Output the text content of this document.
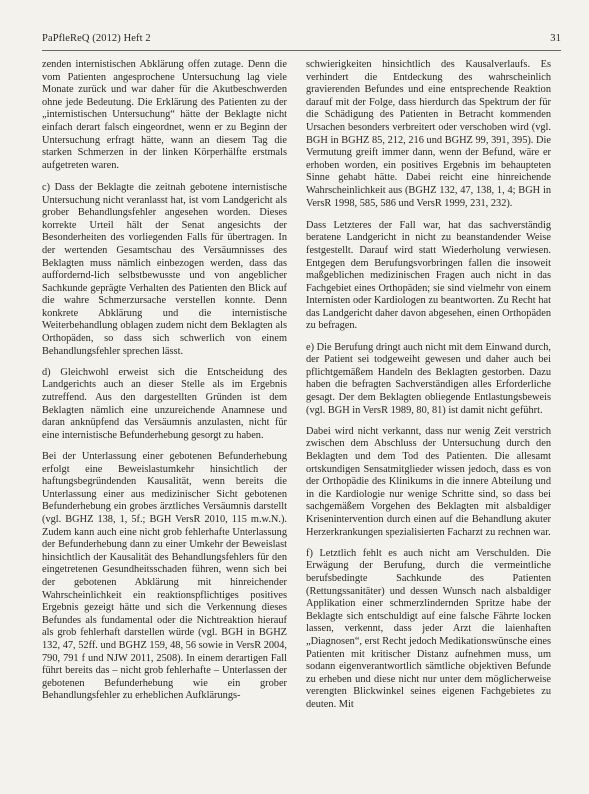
PaPfleReQ (2012) Heft 2	31

zenden internistischen Abklärung offen zutage. Denn die vom Patienten angesprochene Untersuchung lag viele Monate zurück und war daher für die Akutbeschwerden ohne jede Bedeutung. Die Erklärung des Patienten zu der „internistischen Untersuchung“ hätte der Beklagte nicht einfach derart falsch eingeordnet, wenn er zu Beginn der Untersuchung erfragt hätte, wann an diesem Tag die starken Schmerzen in der linken Körperhälfte erstmals aufgetreten waren.

c) Dass der Beklagte die zeitnah gebotene internistische Untersuchung nicht veranlasst hat, ist vom Landgericht als grober Behandlungsfehler angesehen worden. Dieses korrekte Urteil hält der Senat angesichts der Besonderheiten des vorliegenden Falls für übertragen. In der wertenden Gesamtschau des Versäumnisses des Beklagten muss nämlich einbezogen werden, dass das auffordernd-lich selbstbewusste und von angeblicher Sachkunde geprägte Verhalten des Patienten den Blick auf die wahre Schmerzursache verstellen konnte. Denn konkrete Abklärung und die internistische Weiterbehandlung oblagen zudem nicht dem Beklagten als Orthopäden, so dass sich schwerlich von einem Behandlungsfehler sprechen lässt.

d) Gleichwohl erweist sich die Entscheidung des Landgerichts auch an dieser Stelle als im Ergebnis zutreffend. Aus den dargestellten Gründen ist dem Beklagten nämlich eine unzureichende Anamnese und daran anknüpfend das Versäumnis anzulasten, nicht für eine internistische Befunderhebung gesorgt zu haben.

Bei der Unterlassung einer gebotenen Befunderhebung erfolgt eine Beweislastumkehr hinsichtlich der haftungsbegründenden Kausalität, wenn bereits die Unterlassung einer aus medizinischer Sicht gebotenen Befunderhebung ein grobes ärztliches Versäumnis darstellt (vgl. BGHZ 138, 1, 5f.; BGH VersR 2010, 115 m.w.N.). Zudem kann auch eine nicht grob fehlerhafte Unterlassung der Befunderhebung dann zu einer Umkehr der Beweislast hinsichtlich der Kausalität des Behandlungsfehlers für den eingetretenen Gesundheitsschaden führen, wenn sich bei der gebotenen Abklärung mit hinreichender Wahrscheinlichkeit ein reaktionspflichtiges positives Ergebnis gezeigt hätte und sich die Verkennung dieses Befundes als fundamental oder die Nichtreaktion hierauf als grob fehlerhaft darstellen würde (vgl. BGH in BGHZ 132, 47, 52ff. und BGHZ 159, 48, 56 sowie in VersR 2004, 790, 791 f und NJW 2011, 2508). In einem derartigen Fall führt bereits das – nicht grob fehlerhafte – Unterlassen der gebotenen Befunderhebung wie ein grober Behandlungsfehler zu erheblichen Aufklärungs-

schwierigkeiten hinsichtlich des Kausalverlaufs. Es verhindert die Entdeckung des wahrscheinlich gravierenden Befundes und eine entsprechende Reaktion darauf mit der Folge, dass hierdurch das Spektrum der für die Schädigung des Patienten in Betracht kommenden Ursachen besonders verbreitert oder verschoben wird (vgl. BGH in BGHZ 85, 212, 216 und BGHZ 99, 391, 395). Die Vermutung greift immer dann, wenn der Befund, wäre er erhoben worden, ein positives Ergebnis im behaupteten Sinne gehabt hätte. Dabei reicht eine hinreichende Wahrscheinlichkeit aus (BGHZ 132, 47, 138, 1, 4; BGH in VersR 1998, 585, 586 und VersR 1999, 231, 232).

Dass Letzteres der Fall war, hat das sachverständig beratene Landgericht in nicht zu beanstandender Weise festgestellt. Darauf wird statt Wiederholung verwiesen. Entgegen dem Berufungsvorbringen fallen die insoweit maßgeblichen medizinischen Fragen auch nicht in das Fachgebiet eines Orthopäden; sie sind vielmehr von einem Internisten oder Kardiologen zu beantworten. Zu Recht hat das Landgericht daher davon abgesehen, einen Orthopäden zu befragen.

e) Die Berufung dringt auch nicht mit dem Einwand durch, der Patient sei todgeweiht gewesen und daher auch bei pflichtgemäßem Handeln des Beklagten gestorben. Dazu haben die befragten Sachverständigen alles Erforderliche gesagt. Der dem Beklagten obliegende Entlastungsbeweis (vgl. BGH in VersR 1989, 80, 81) ist damit nicht geführt.

Dabei wird nicht verkannt, dass nur wenig Zeit verstrich zwischen dem Abschluss der Untersuchung durch den Beklagten und dem Tod des Patienten. Die allesamt ortskundigen Sensatmitglieder wissen jedoch, dass es von der Orthopädie des Klinikums in die innere Abteilung und in die Kardiologie nur wenige Schritte sind, so dass bei sachgemäßem Vorgehen des Beklagten mit alsbaldiger Krisenintervention durch einen auf die Behandlung akuter Herzerkrankungen spezialisierten Facharzt zu rechnen war.

f) Letztlich fehlt es auch nicht am Verschulden. Die Erwägung der Berufung, durch die vermeintliche berufsbedingte Sachkunde des Patienten (Rettungssanitäter) und dessen Wunsch nach alsbaldiger Applikation einer schmerzlindernden Spritze habe der Beklagte sich entschuldigt auf eine falsche Fährte locken lassen, verkennt, dass jeder Arzt die laienhaften „Diagnosen“, erst Recht jedoch Medikationswünsche eines Patienten mit kritischer Distanz aufnehmen muss, um sodann eigenverantwortlich sämtliche objektiven Befunde zu erheben und diese nicht nur unter dem möglicherweise verengten Blickwinkel seines eigenen Fachgebietes zu deuten. Mit
